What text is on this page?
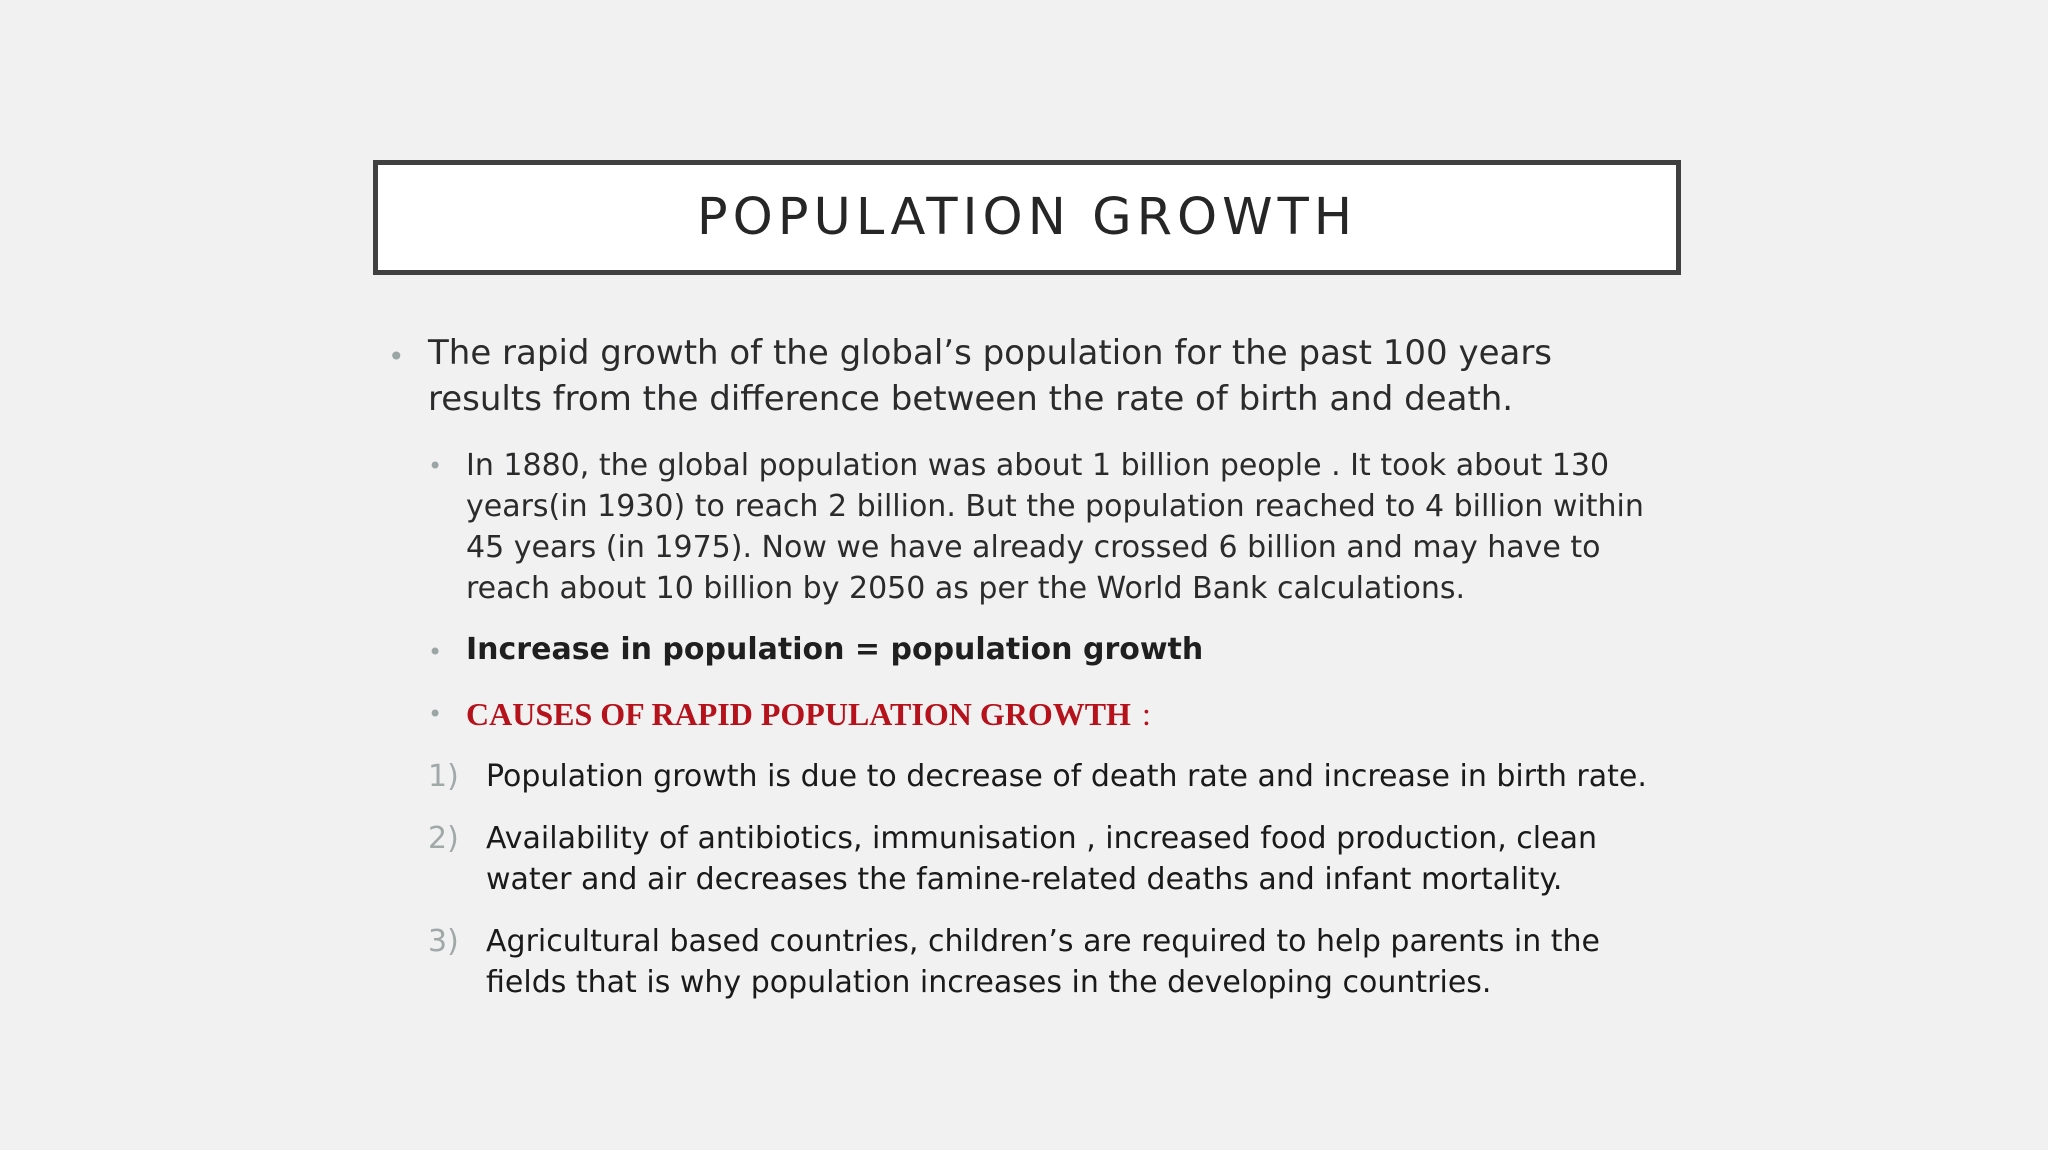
POPULATION GROWTH
• The rapid growth of the global’s population for the past 100 years
results from the difference between the rate of birth and death.
• In 1880, the global population was about 1 billion people . It took about 130
years(in 1930) to reach 2 billion. But the population reached to 4 billion within
45 years (in 1975). Now we have already crossed 6 billion and may have to
reach about 10 billion by 2050 as per the World Bank calculations.
• Increase in population = population growth
• CAUSES OF RAPID POPULATION GROWTH :
1) Population growth is due to decrease of death rate and increase in birth rate.
2) Availability of antibiotics, immunisation , increased food production, clean
water and air decreases the famine-related deaths and infant mortality.
3) Agricultural based countries, children’s are required to help parents in the
fields that is why population increases in the developing countries.
